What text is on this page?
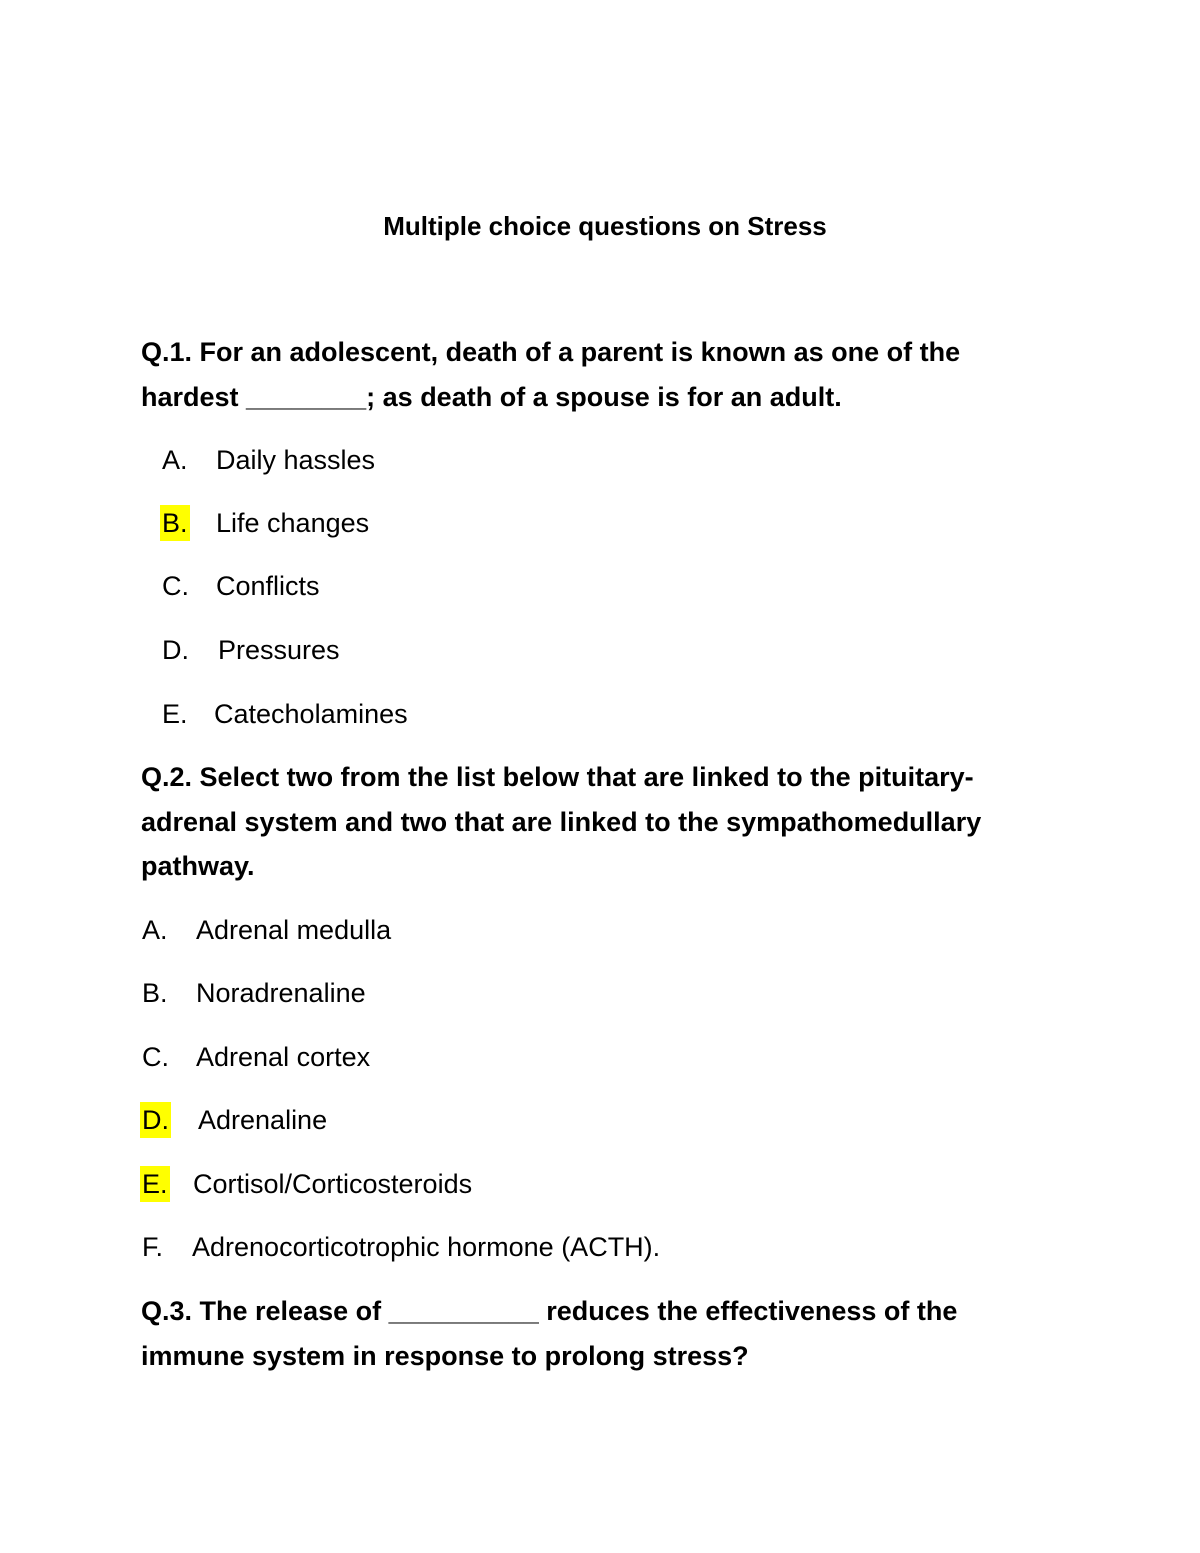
Multiple choice questions on Stress
Q.1. For an adolescent, death of a parent is known as one of the hardest ________; as death of a spouse is for an adult.
A. Daily hassles
B. Life changes
C. Conflicts
D. Pressures
E. Catecholamines
Q.2. Select two from the list below that are linked to the pituitary-adrenal system and two that are linked to the sympathomedullary pathway.
A. Adrenal medulla
B. Noradrenaline
C. Adrenal cortex
D. Adrenaline
E. Cortisol/Corticosteroids
F. Adrenocorticotrophic hormone (ACTH).
Q.3. The release of __________ reduces the effectiveness of the immune system in response to prolong stress?
